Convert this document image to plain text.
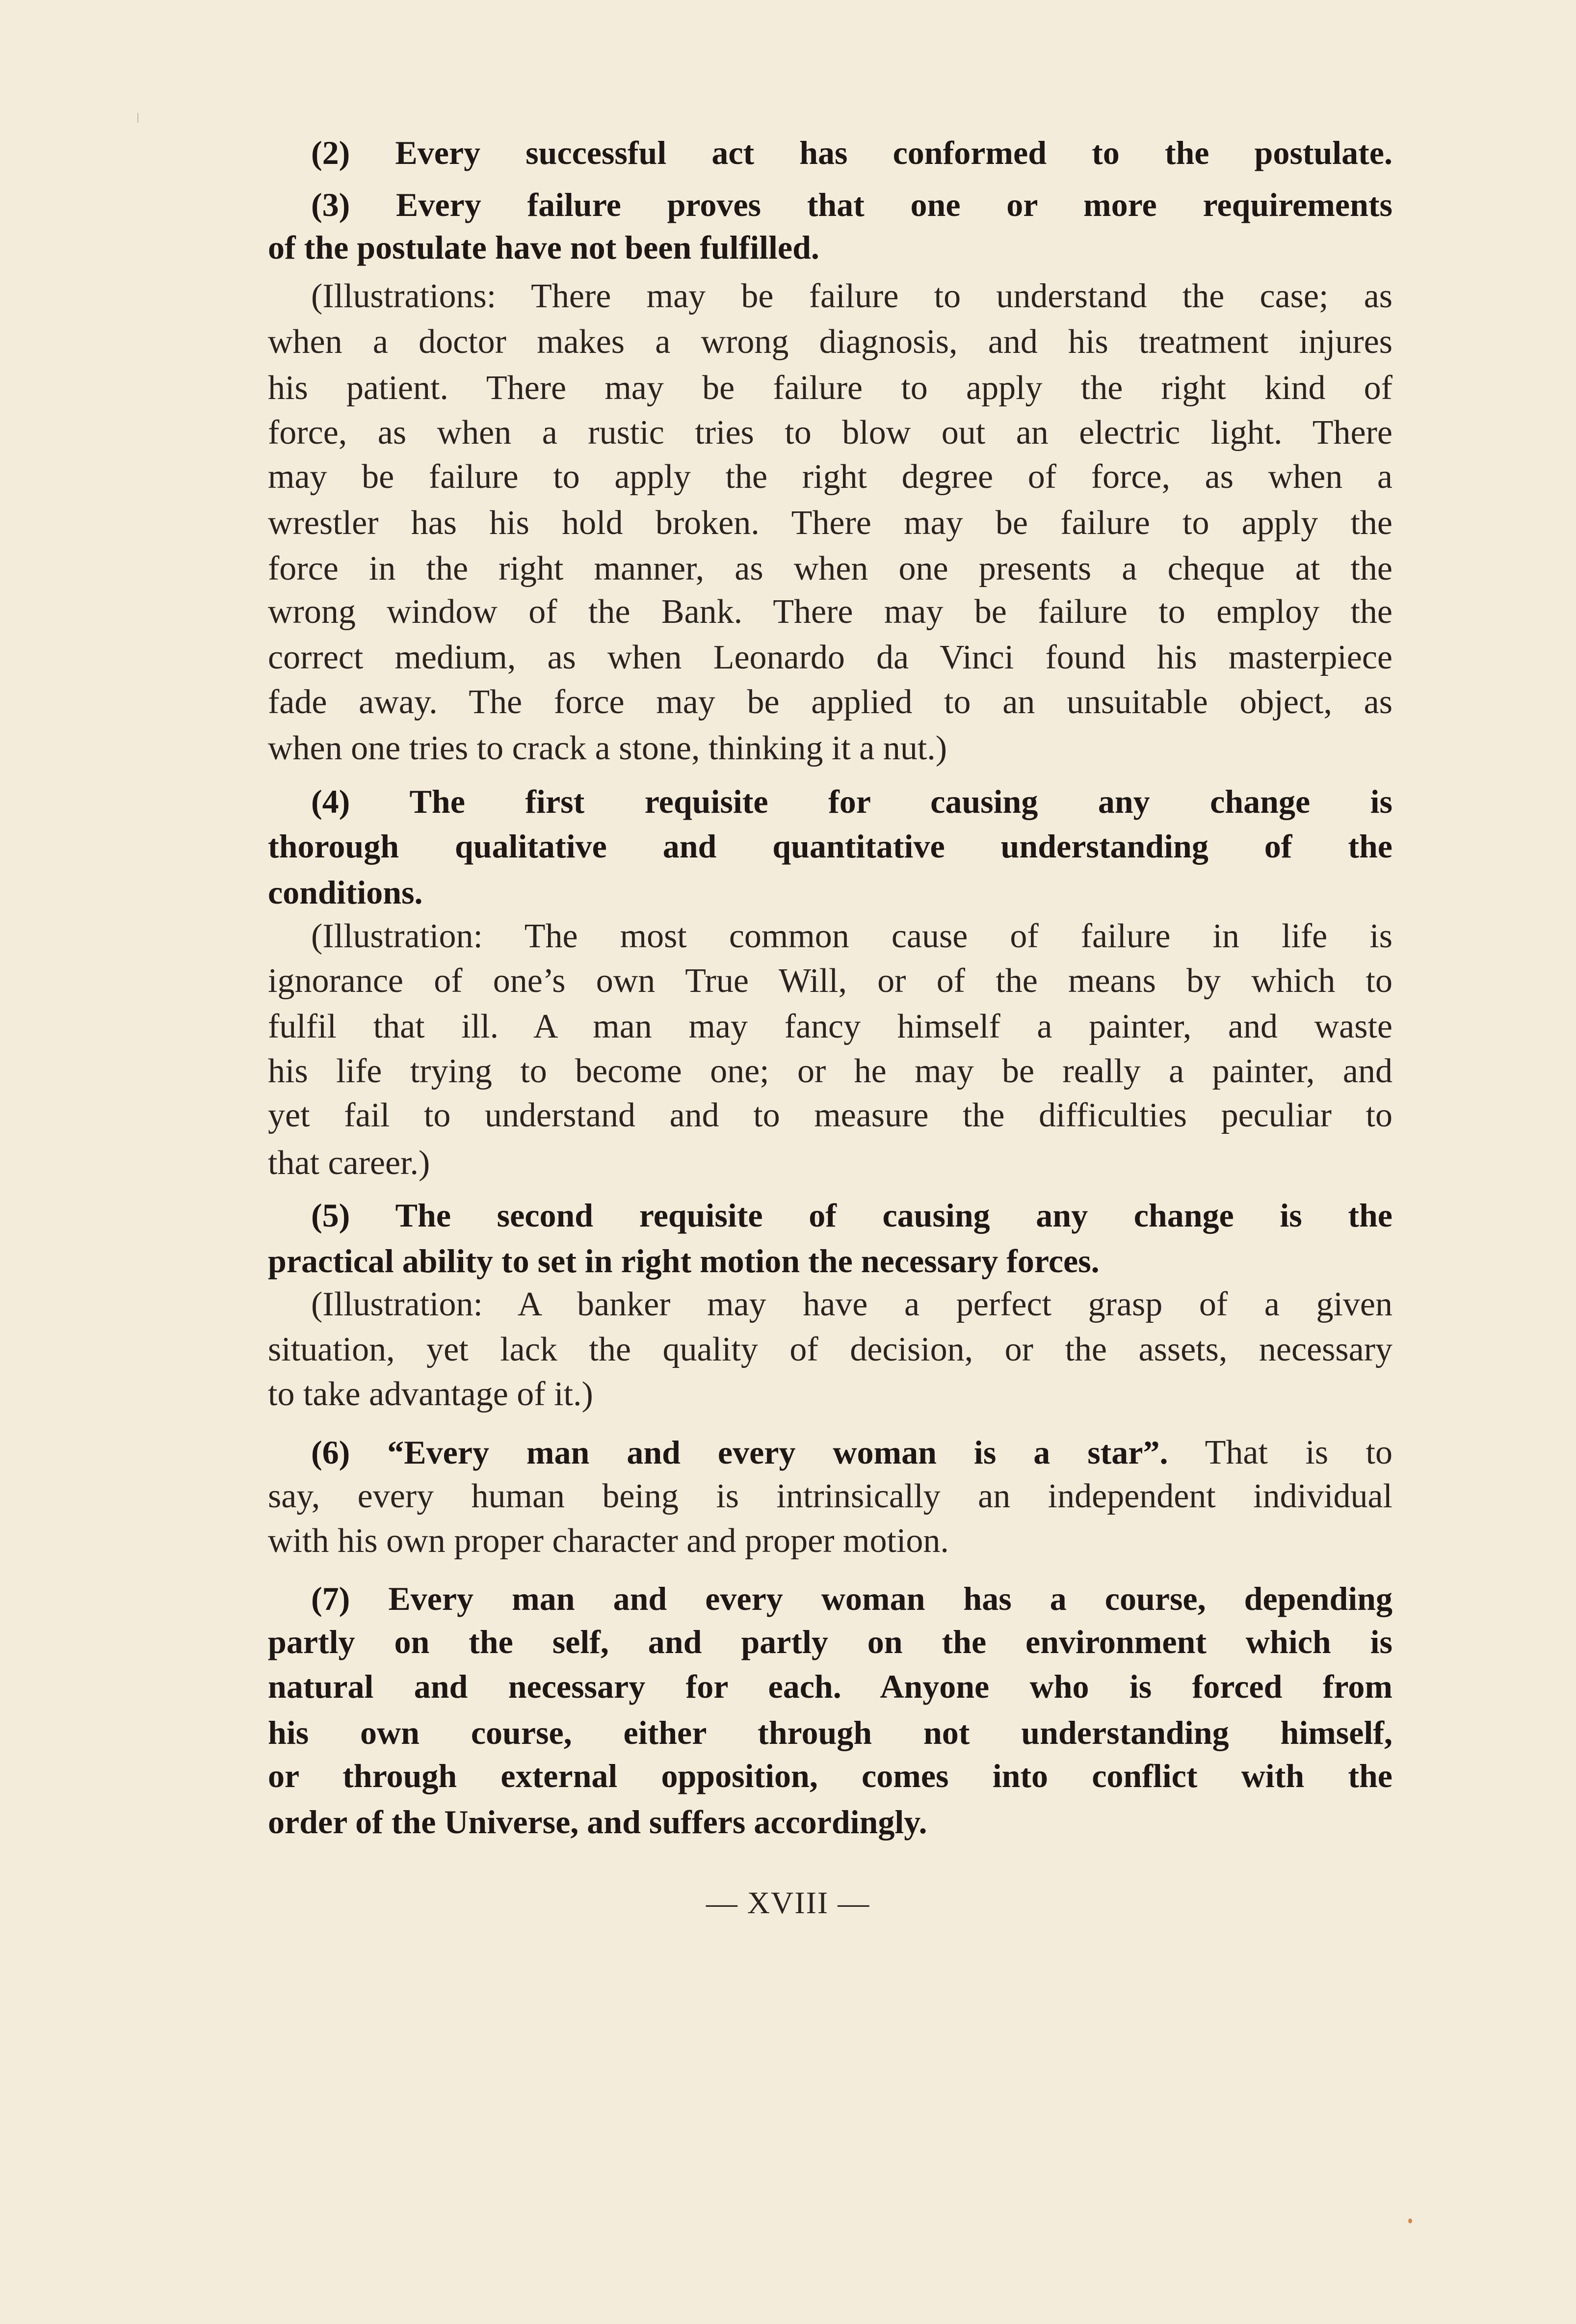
(2) Every successful act has conformed to the postulate.
(3) Every failure proves that one or more requirements
of the postulate have not been fulfilled.
(Illustrations: There may be failure to understand the case; as
when a doctor makes a wrong diagnosis, and his treatment injures
his patient. There may be failure to apply the right kind of
force, as when a rustic tries to blow out an electric light. There
may be failure to apply the right degree of force, as when a
wrestler has his hold broken. There may be failure to apply the
force in the right manner, as when one presents a cheque at the
wrong window of the Bank. There may be failure to employ the
correct medium, as when Leonardo da Vinci found his masterpiece
fade away. The force may be applied to an unsuitable object, as
when one tries to crack a stone, thinking it a nut.)
(4) The first requisite for causing any change is
thorough qualitative and quantitative understanding of the
conditions.
(Illustration: The most common cause of failure in life is
ignorance of one’s own True Will, or of the means by which to
fulfil that ill. A man may fancy himself a painter, and waste
his life trying to become one; or he may be really a painter, and
yet fail to understand and to measure the difficulties peculiar to
that career.)
(5) The second requisite of causing any change is the
practical ability to set in right motion the necessary forces.
(Illustration: A banker may have a perfect grasp of a given
situation, yet lack the quality of decision, or the assets, necessary
to take advantage of it.)
(6) “Every man and every woman is a star”. That is to
say, every human being is intrinsically an independent individual
with his own proper character and proper motion.
(7) Every man and every woman has a course, depending
partly on the self, and partly on the environment which is
natural and necessary for each. Anyone who is forced from
his own course, either through not understanding himself,
or through external opposition, comes into conflict with the
order of the Universe, and suffers accordingly.
— XVIII —
